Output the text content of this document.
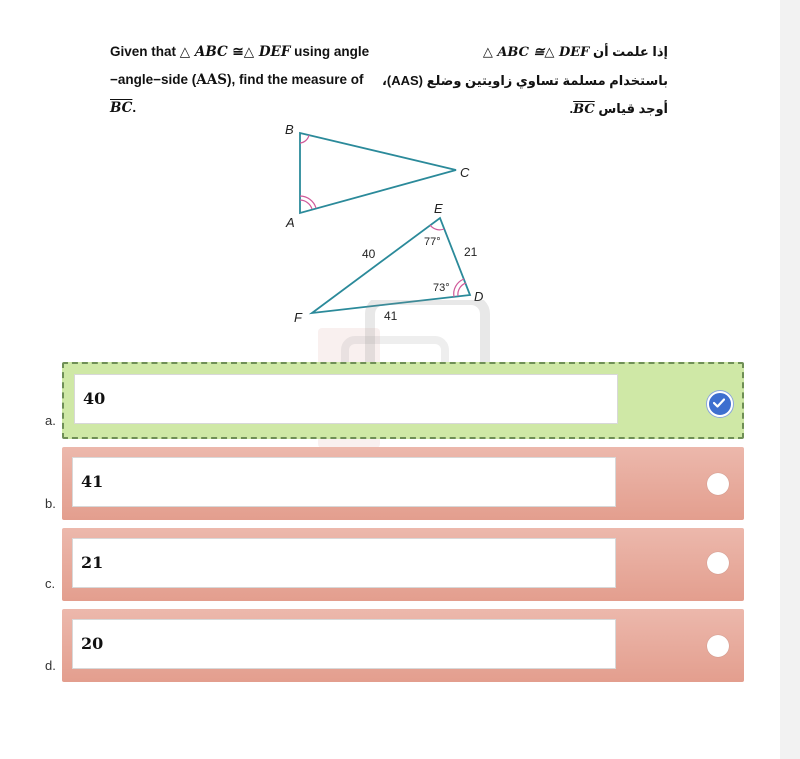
Given that △ ABC ≅△ DEF using angle −angle−side (AAS), find the measure of $\overline{BC}$.
إذا علمت أن △ ABC ≅△ DEF
باستخدام مسلمة تساوي زاويتين وضلع (AAS)،
أوجد قياس $\overline{BC}$.
B
A
C
E
F
D
40	21
41
77°
73°
40
a.
41
b.
21
c.
20
d.
